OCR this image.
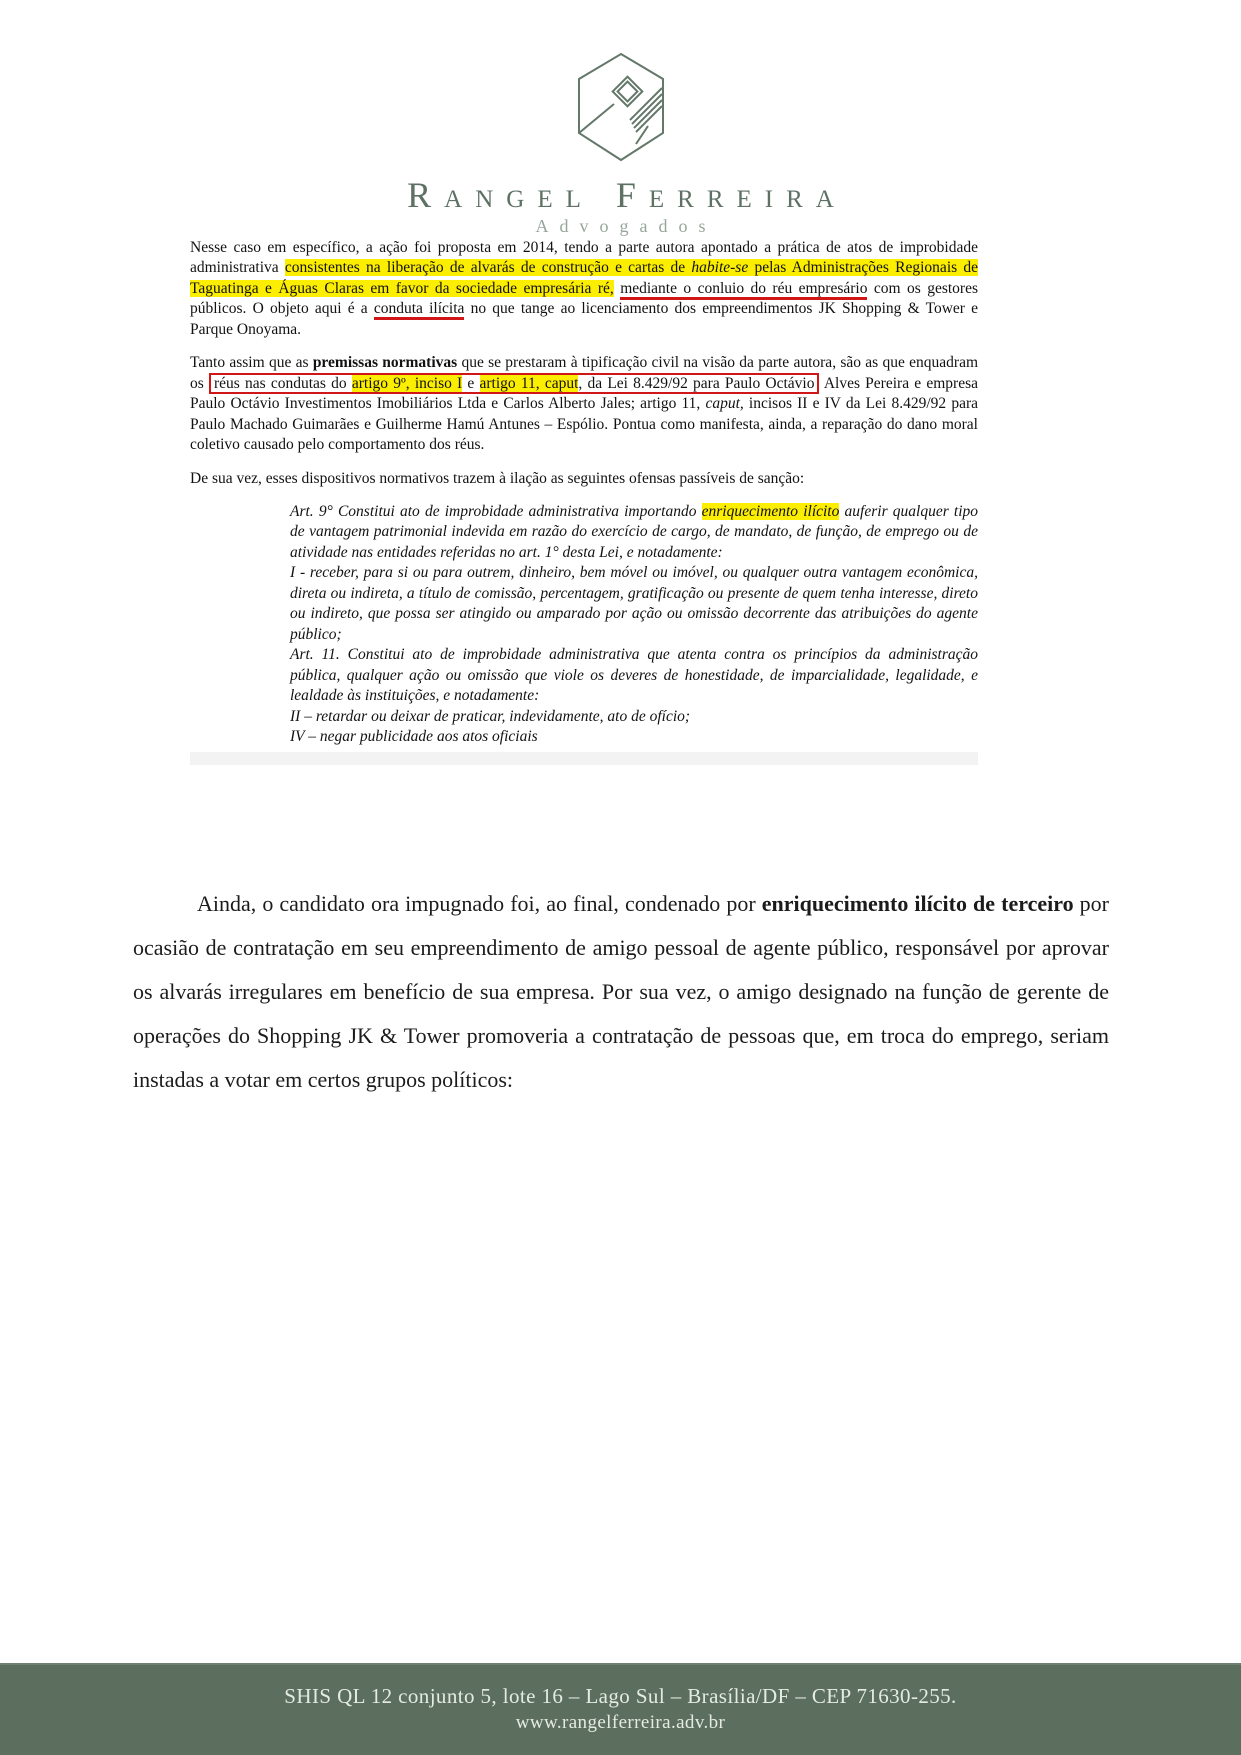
Rangel Ferreira
Advogados

Nesse caso em específico, a ação foi proposta em 2014, tendo a parte autora apontado a prática de atos de improbidade administrativa consistentes na liberação de alvarás de construção e cartas de habite-se pelas Administrações Regionais de Taguatinga e Águas Claras em favor da sociedade empresária ré, mediante o conluio do réu empresário com os gestores públicos. O objeto aqui é a conduta ilícita no que tange ao licenciamento dos empreendimentos JK Shopping & Tower e Parque Onoyama.

Tanto assim que as premissas normativas que se prestaram à tipificação civil na visão da parte autora, são as que enquadram os réus nas condutas do artigo 9º, inciso I e artigo 11, caput, da Lei 8.429/92 para Paulo Octávio Alves Pereira e empresa Paulo Octávio Investimentos Imobiliários Ltda e Carlos Alberto Jales; artigo 11, caput, incisos II e IV da Lei 8.429/92 para Paulo Machado Guimarães e Guilherme Hamú Antunes – Espólio. Pontua como manifesta, ainda, a reparação do dano moral coletivo causado pelo comportamento dos réus.

De sua vez, esses dispositivos normativos trazem à ilação as seguintes ofensas passíveis de sanção:

Art. 9° Constitui ato de improbidade administrativa importando enriquecimento ilícito auferir qualquer tipo de vantagem patrimonial indevida em razão do exercício de cargo, de mandato, de função, de emprego ou de atividade nas entidades referidas no art. 1° desta Lei, e notadamente:

I - receber, para si ou para outrem, dinheiro, bem móvel ou imóvel, ou qualquer outra vantagem econômica, direta ou indireta, a título de comissão, percentagem, gratificação ou presente de quem tenha interesse, direto ou indireto, que possa ser atingido ou amparado por ação ou omissão decorrente das atribuições do agente público;

Art. 11. Constitui ato de improbidade administrativa que atenta contra os princípios da administração pública, qualquer ação ou omissão que viole os deveres de honestidade, de imparcialidade, legalidade, e lealdade às instituições, e notadamente:

II – retardar ou deixar de praticar, indevidamente, ato de ofício;

IV – negar publicidade aos atos oficiais

Ainda, o candidato ora impugnado foi, ao final, condenado por enriquecimento ilícito de terceiro por ocasião de contratação em seu empreendimento de amigo pessoal de agente público, responsável por aprovar os alvarás irregulares em benefício de sua empresa. Por sua vez, o amigo designado na função de gerente de operações do Shopping JK & Tower promoveria a contratação de pessoas que, em troca do emprego, seriam instadas a votar em certos grupos políticos:

SHIS QL 12 conjunto 5, lote 16 – Lago Sul – Brasília/DF – CEP 71630-255.
www.rangelferreira.adv.br
